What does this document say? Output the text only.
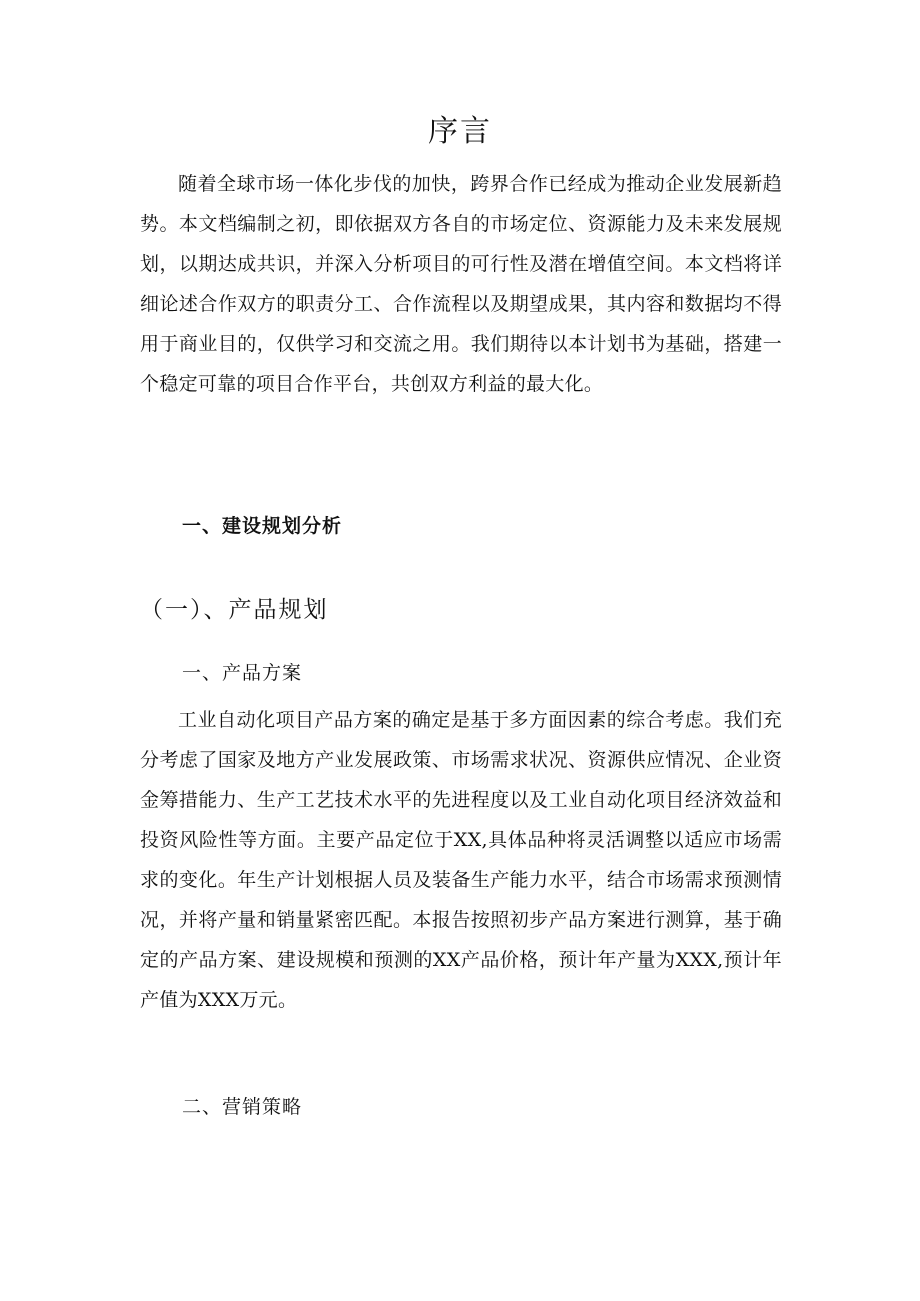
序言

随着全球市场一体化步伐的加快，跨界合作已经成为推动企业发展新趋势。本文档编制之初，即依据双方各自的市场定位、资源能力及未来发展规划，以期达成共识，并深入分析项目的可行性及潜在增值空间。本文档将详细论述合作双方的职责分工、合作流程以及期望成果，其内容和数据均不得用于商业目的，仅供学习和交流之用。我们期待以本计划书为基础，搭建一个稳定可靠的项目合作平台，共创双方利益的最大化。

一、建设规划分析
（一）、产品规划
一、产品方案

工业自动化项目产品方案的确定是基于多方面因素的综合考虑。我们充分考虑了国家及地方产业发展政策、市场需求状况、资源供应情况、企业资金筹措能力、生产工艺技术水平的先进程度以及工业自动化项目经济效益和投资风险性等方面。主要产品定位于XX,具体品种将灵活调整以适应市场需求的变化。年生产计划根据人员及装备生产能力水平，结合市场需求预测情况，并将产量和销量紧密匹配。本报告按照初步产品方案进行测算，基于确定的产品方案、建设规模和预测的XX产品价格，预计年产量为XXX,预计年产值为XXX万元。

二、营销策略
